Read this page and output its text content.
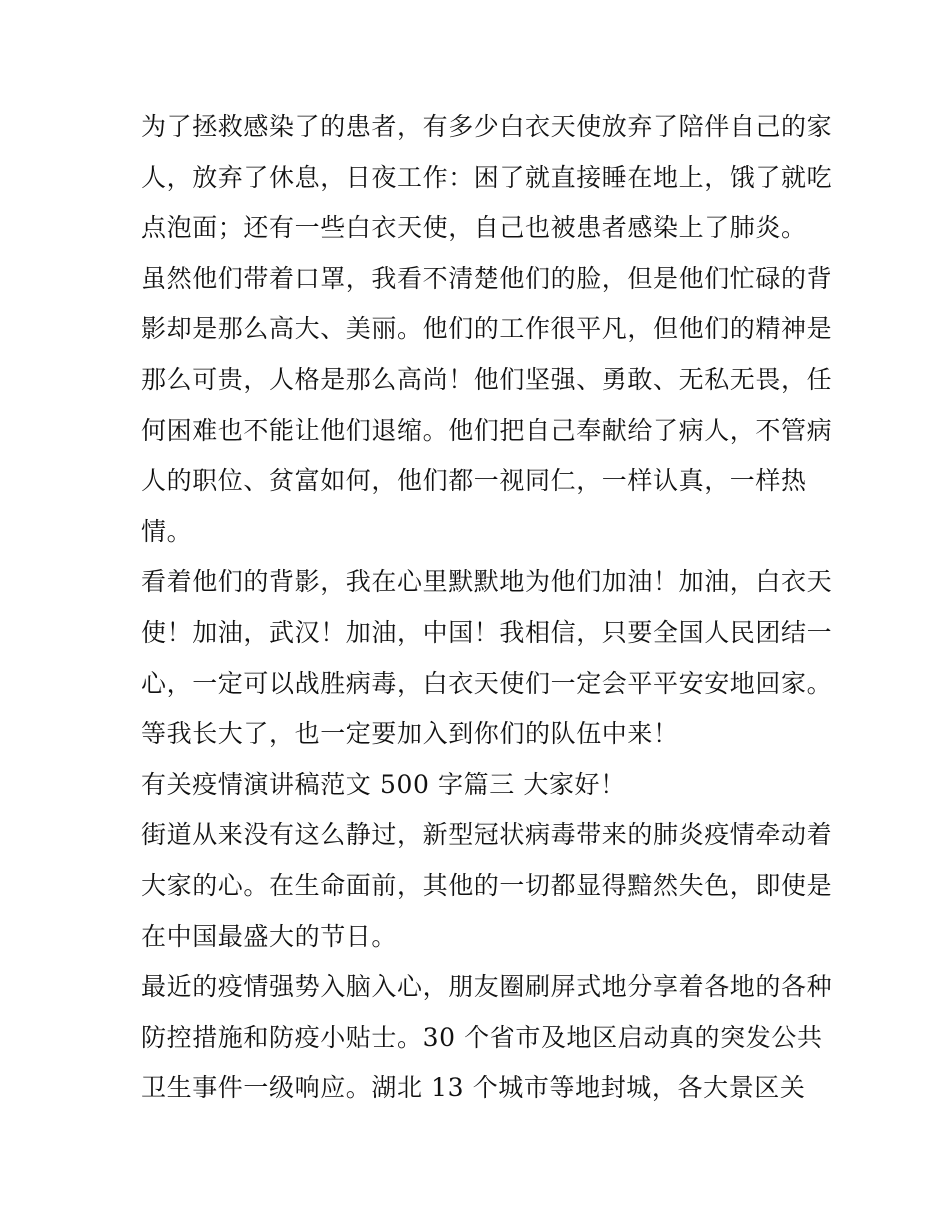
为了拯救感染了的患者，有多少白衣天使放弃了陪伴自己的家
人，放弃了休息，日夜工作：困了就直接睡在地上，饿了就吃
点泡面；还有一些白衣天使，自己也被患者感染上了肺炎。
虽然他们带着口罩，我看不清楚他们的脸，但是他们忙碌的背
影却是那么高大、美丽。他们的工作很平凡，但他们的精神是
那么可贵，人格是那么高尚！他们坚强、勇敢、无私无畏，任
何困难也不能让他们退缩。他们把自己奉献给了病人，不管病
人的职位、贫富如何，他们都一视同仁，一样认真，一样热
情。
看着他们的背影，我在心里默默地为他们加油！加油，白衣天
使！加油，武汉！加油，中国！我相信，只要全国人民团结一
心，一定可以战胜病毒，白衣天使们一定会平平安安地回家。
等我长大了，也一定要加入到你们的队伍中来！
有关疫情演讲稿范文 500 字篇三 大家好！
街道从来没有这么静过，新型冠状病毒带来的肺炎疫情牵动着
大家的心。在生命面前，其他的一切都显得黯然失色，即使是
在中国最盛大的节日。
最近的疫情强势入脑入心，朋友圈刷屏式地分享着各地的各种
防控措施和防疫小贴士。30 个省市及地区启动真的突发公共
卫生事件一级响应。湖北 13 个城市等地封城，各大景区关
